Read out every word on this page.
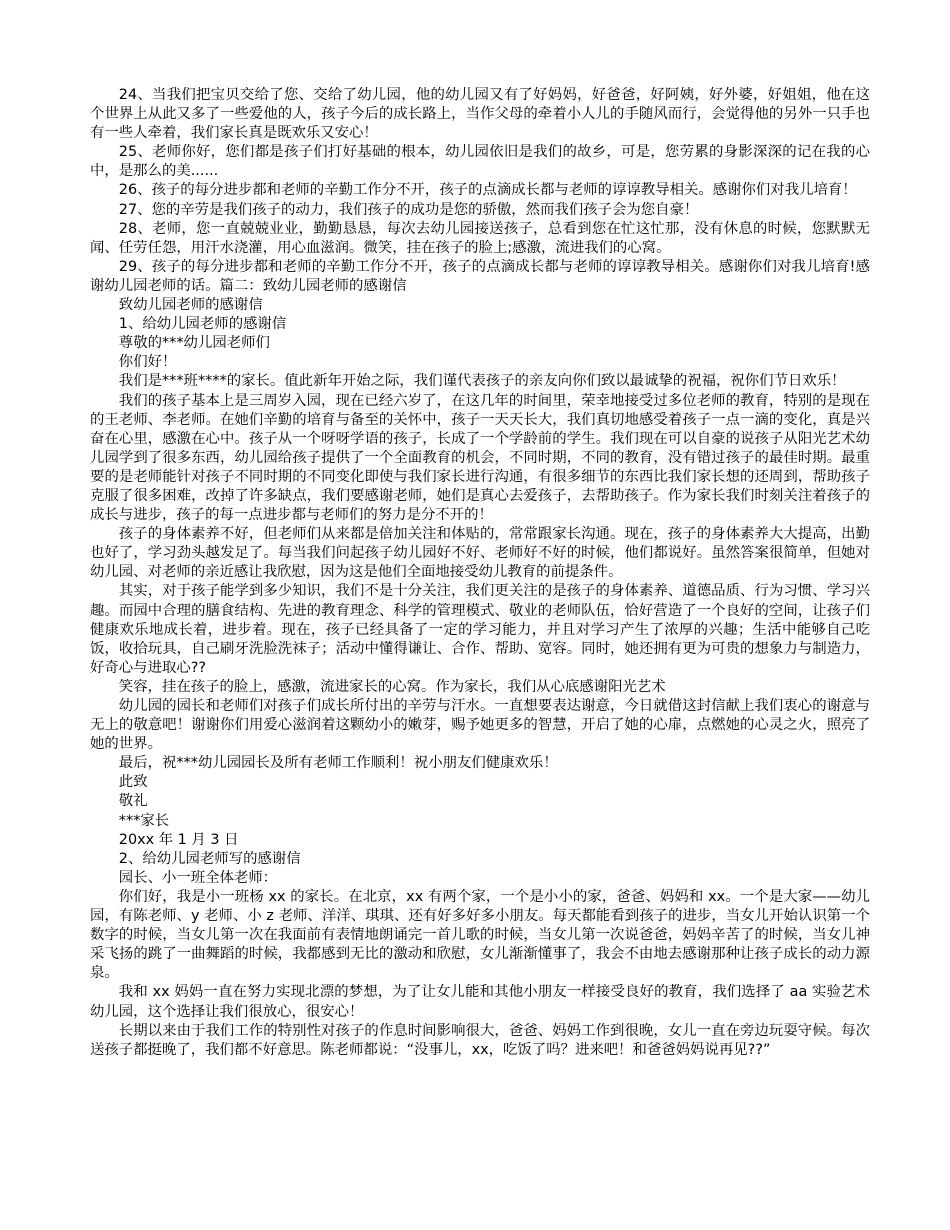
24、当我们把宝贝交给了您、交给了幼儿园，他的幼儿园又有了好妈妈，好爸爸，好阿姨，好外婆，好姐姐，他在这个世界上从此又多了一些爱他的人，孩子今后的成长路上，当作父母的牵着小人儿的手随风而行，会觉得他的另外一只手也有一些人牵着，我们家长真是既欢乐又安心！

25、老师你好，您们都是孩子们打好基础的根本，幼儿园依旧是我们的故乡，可是，您劳累的身影深深的记在我的心中，是那么的美......

26、孩子的每分进步都和老师的辛勤工作分不开，孩子的点滴成长都与老师的谆谆教导相关。感谢你们对我儿培育！

27、您的辛劳是我们孩子的动力，我们孩子的成功是您的骄傲，然而我们孩子会为您自豪！

28、老师，您一直兢兢业业，勤勤恳恳，每次去幼儿园接送孩子，总看到您在忙这忙那，没有休息的时候，您默默无闻、任劳任怨，用汗水浇灌，用心血滋润。微笑，挂在孩子的脸上;感激，流进我们的心窝。

29、孩子的每分进步都和老师的辛勤工作分不开，孩子的点滴成长都与老师的谆谆教导相关。感谢你们对我儿培育!感谢幼儿园老师的话。篇二：致幼儿园老师的感谢信

致幼儿园老师的感谢信

1、给幼儿园老师的感谢信

尊敬的***幼儿园老师们

你们好！

我们是***班****的家长。值此新年开始之际，我们谨代表孩子的亲友向你们致以最诚挚的祝福，祝你们节日欢乐！

我们的孩子基本上是三周岁入园，现在已经六岁了，在这几年的时间里，荣幸地接受过多位老师的教育，特别的是现在的王老师、李老师。在她们辛勤的培育与备至的关怀中，孩子一天天长大，我们真切地感受着孩子一点一滴的变化，真是兴奋在心里，感激在心中。孩子从一个呀呀学语的孩子，长成了一个学龄前的学生。我们现在可以自豪的说孩子从阳光艺术幼儿园学到了很多东西，幼儿园给孩子提供了一个全面教育的机会，不同时期，不同的教育，没有错过孩子的最佳时期。最重要的是老师能针对孩子不同时期的不同变化即使与我们家长进行沟通，有很多细节的东西比我们家长想的还周到，帮助孩子克服了很多困难，改掉了许多缺点，我们要感谢老师，她们是真心去爱孩子，去帮助孩子。作为家长我们时刻关注着孩子的成长与进步，孩子的每一点进步都与老师们的努力是分不开的！

孩子的身体素养不好，但老师们从来都是倍加关注和体贴的，常常跟家长沟通。现在，孩子的身体素养大大提高，出勤也好了，学习劲头越发足了。每当我们问起孩子幼儿园好不好、老师好不好的时候，他们都说好。虽然答案很简单，但她对幼儿园、对老师的亲近感让我欣慰，因为这是他们全面地接受幼儿教育的前提条件。

其实，对于孩子能学到多少知识，我们不是十分关注，我们更关注的是孩子的身体素养、道德品质、行为习惯、学习兴趣。而园中合理的膳食结构、先进的教育理念、科学的管理模式、敬业的老师队伍，恰好营造了一个良好的空间，让孩子们健康欢乐地成长着，进步着。现在，孩子已经具备了一定的学习能力，并且对学习产生了浓厚的兴趣；生活中能够自己吃饭，收拾玩具，自己刷牙洗脸洗袜子；活动中懂得谦让、合作、帮助、宽容。同时，她还拥有更为可贵的想象力与制造力，好奇心与进取心??

笑容，挂在孩子的脸上，感激，流进家长的心窝。作为家长，我们从心底感谢阳光艺术

幼儿园的园长和老师们对孩子们成长所付出的辛劳与汗水。一直想要表达谢意，今日就借这封信献上我们衷心的谢意与无上的敬意吧！谢谢你们用爱心滋润着这颗幼小的嫩芽，赐予她更多的智慧，开启了她的心扉，点燃她的心灵之火，照亮了她的世界。

最后，祝***幼儿园园长及所有老师工作顺利！祝小朋友们健康欢乐！

此致

敬礼

***家长

20xx 年 1 月 3 日

2、给幼儿园老师写的感谢信

园长、小一班全体老师：

你们好，我是小一班杨 xx 的家长。在北京，xx 有两个家，一个是小小的家，爸爸、妈妈和 xx。一个是大家——幼儿园，有陈老师、y 老师、小 z 老师、洋洋、琪琪、还有好多好多小朋友。每天都能看到孩子的进步，当女儿开始认识第一个数字的时候，当女儿第一次在我面前有表情地朗诵完一首儿歌的时候，当女儿第一次说爸爸，妈妈辛苦了的时候，当女儿神采飞扬的跳了一曲舞蹈的时候，我都感到无比的激动和欣慰，女儿渐渐懂事了，我会不由地去感谢那种让孩子成长的动力源泉。

我和 xx 妈妈一直在努力实现北漂的梦想，为了让女儿能和其他小朋友一样接受良好的教育，我们选择了 aa 实验艺术幼儿园，这个选择让我们很放心，很安心！

长期以来由于我们工作的特别性对孩子的作息时间影响很大，爸爸、妈妈工作到很晚，女儿一直在旁边玩耍守候。每次送孩子都挺晚了，我们都不好意思。陈老师都说：“没事儿，xx，吃饭了吗？进来吧！和爸爸妈妈说再见??”
